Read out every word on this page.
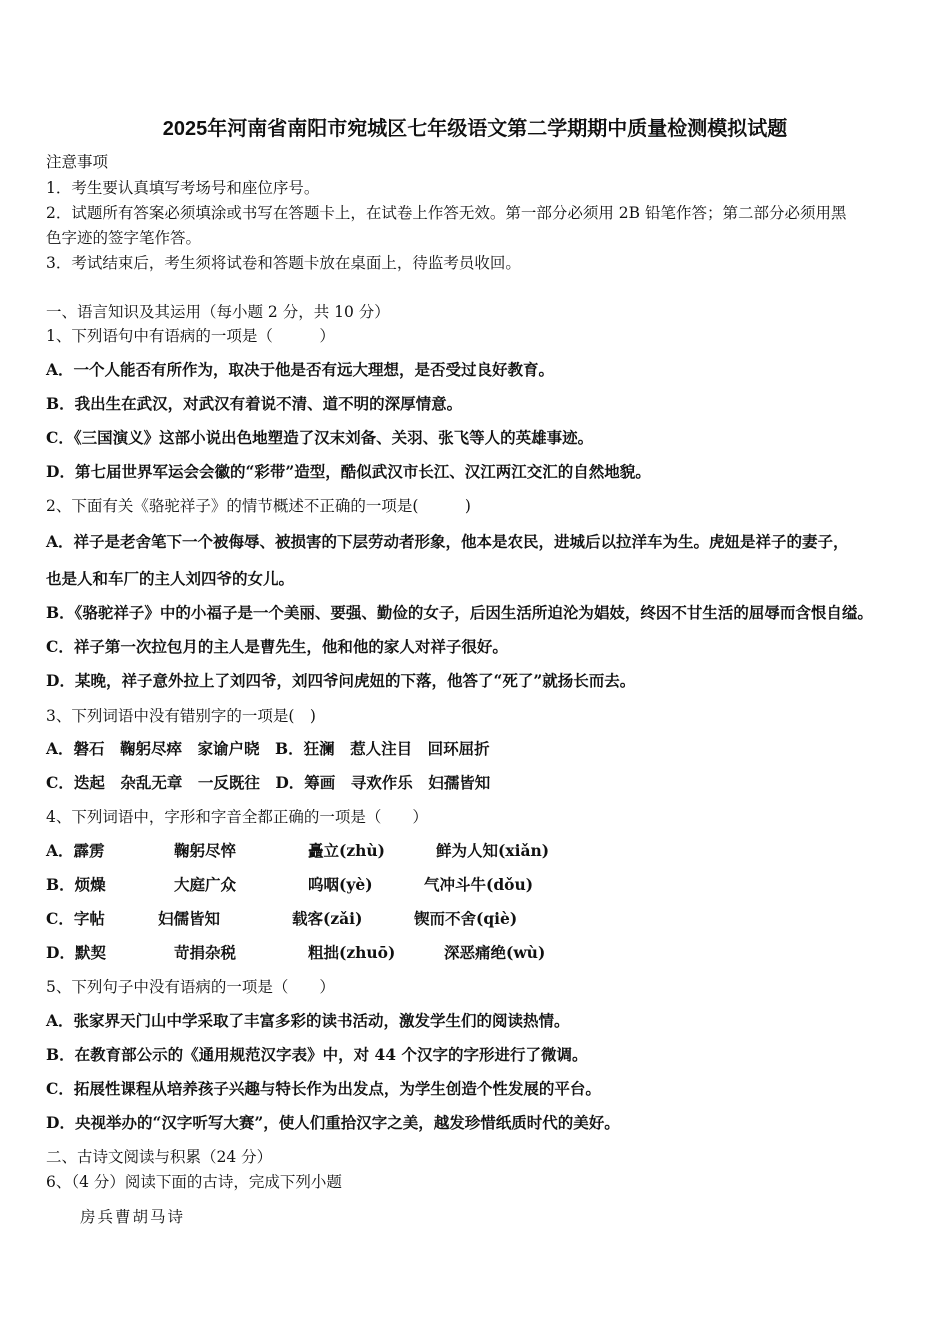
2025年河南省南阳市宛城区七年级语文第二学期期中质量检测模拟试题
注意事项
1．考生要认真填写考场号和座位序号。
2．试题所有答案必须填涂或书写在答题卡上，在试卷上作答无效。第一部分必须用 2B 铅笔作答；第二部分必须用黑
色字迹的签字笔作答。
3．考试结束后，考生须将试卷和答题卡放在桌面上，待监考员收回。
一、语言知识及其运用（每小题 2 分，共 10 分）
1、下列语句中有语病的一项是（　　　）
A．一个人能否有所作为，取决于他是否有远大理想，是否受过良好教育。
B．我出生在武汉，对武汉有着说不清、道不明的深厚情意。
C．《三国演义》这部小说出色地塑造了汉末刘备、关羽、张飞等人的英雄事迹。
D．第七届世界军运会会徽的“彩带”造型，酷似武汉市长江、汉江两江交汇的自然地貌。
2、下面有关《骆驼祥子》的情节概述不正确的一项是(　　　)
A．祥子是老舍笔下一个被侮辱、被损害的下层劳动者形象，他本是农民，进城后以拉洋车为生。虎妞是祥子的妻子，
也是人和车厂的主人刘四爷的女儿。
B．《骆驼祥子》中的小福子是一个美丽、要强、勤俭的女子，后因生活所迫沦为娼妓，终因不甘生活的屈辱而含恨自缢。
C．祥子第一次拉包月的主人是曹先生，他和他的家人对祥子很好。
D．某晚，祥子意外拉上了刘四爷，刘四爷问虎妞的下落，他答了“死了”就扬长而去。
3、下列词语中没有错别字的一项是(　)
A．磐石　鞠躬尽瘁　家谕户晓　B．狂澜　惹人注目　回环屈折
C．迭起　杂乱无章　一反既往　D．筹画　寻欢作乐　妇孺皆知
4、下列词语中，字形和字音全都正确的一项是（　　）
A．霹雳	鞠躬尽悴	矗立(zhù)	鲜为人知(xiǎn)
B．烦燥	大庭广众	呜咽(yè)	气冲斗牛(dǒu)
C．字帖	妇儒皆知	载客(zǎi)	锲而不舍(qiè)
D．默契	苛捐杂税	粗拙(zhuō)	深恶痛绝(wù)
5、下列句子中没有语病的一项是（　　）
A．张家界天门山中学采取了丰富多彩的读书活动，激发学生们的阅读热情。
B．在教育部公示的《通用规范汉字表》中，对 44 个汉字的字形进行了微调。
C．拓展性课程从培养孩子兴趣与特长作为出发点，为学生创造个性发展的平台。
D．央视举办的“汉字听写大赛”，使人们重拾汉字之美，越发珍惜纸质时代的美好。
二、古诗文阅读与积累（24 分）
6、（4 分）阅读下面的古诗，完成下列小题
房兵曹胡马诗
